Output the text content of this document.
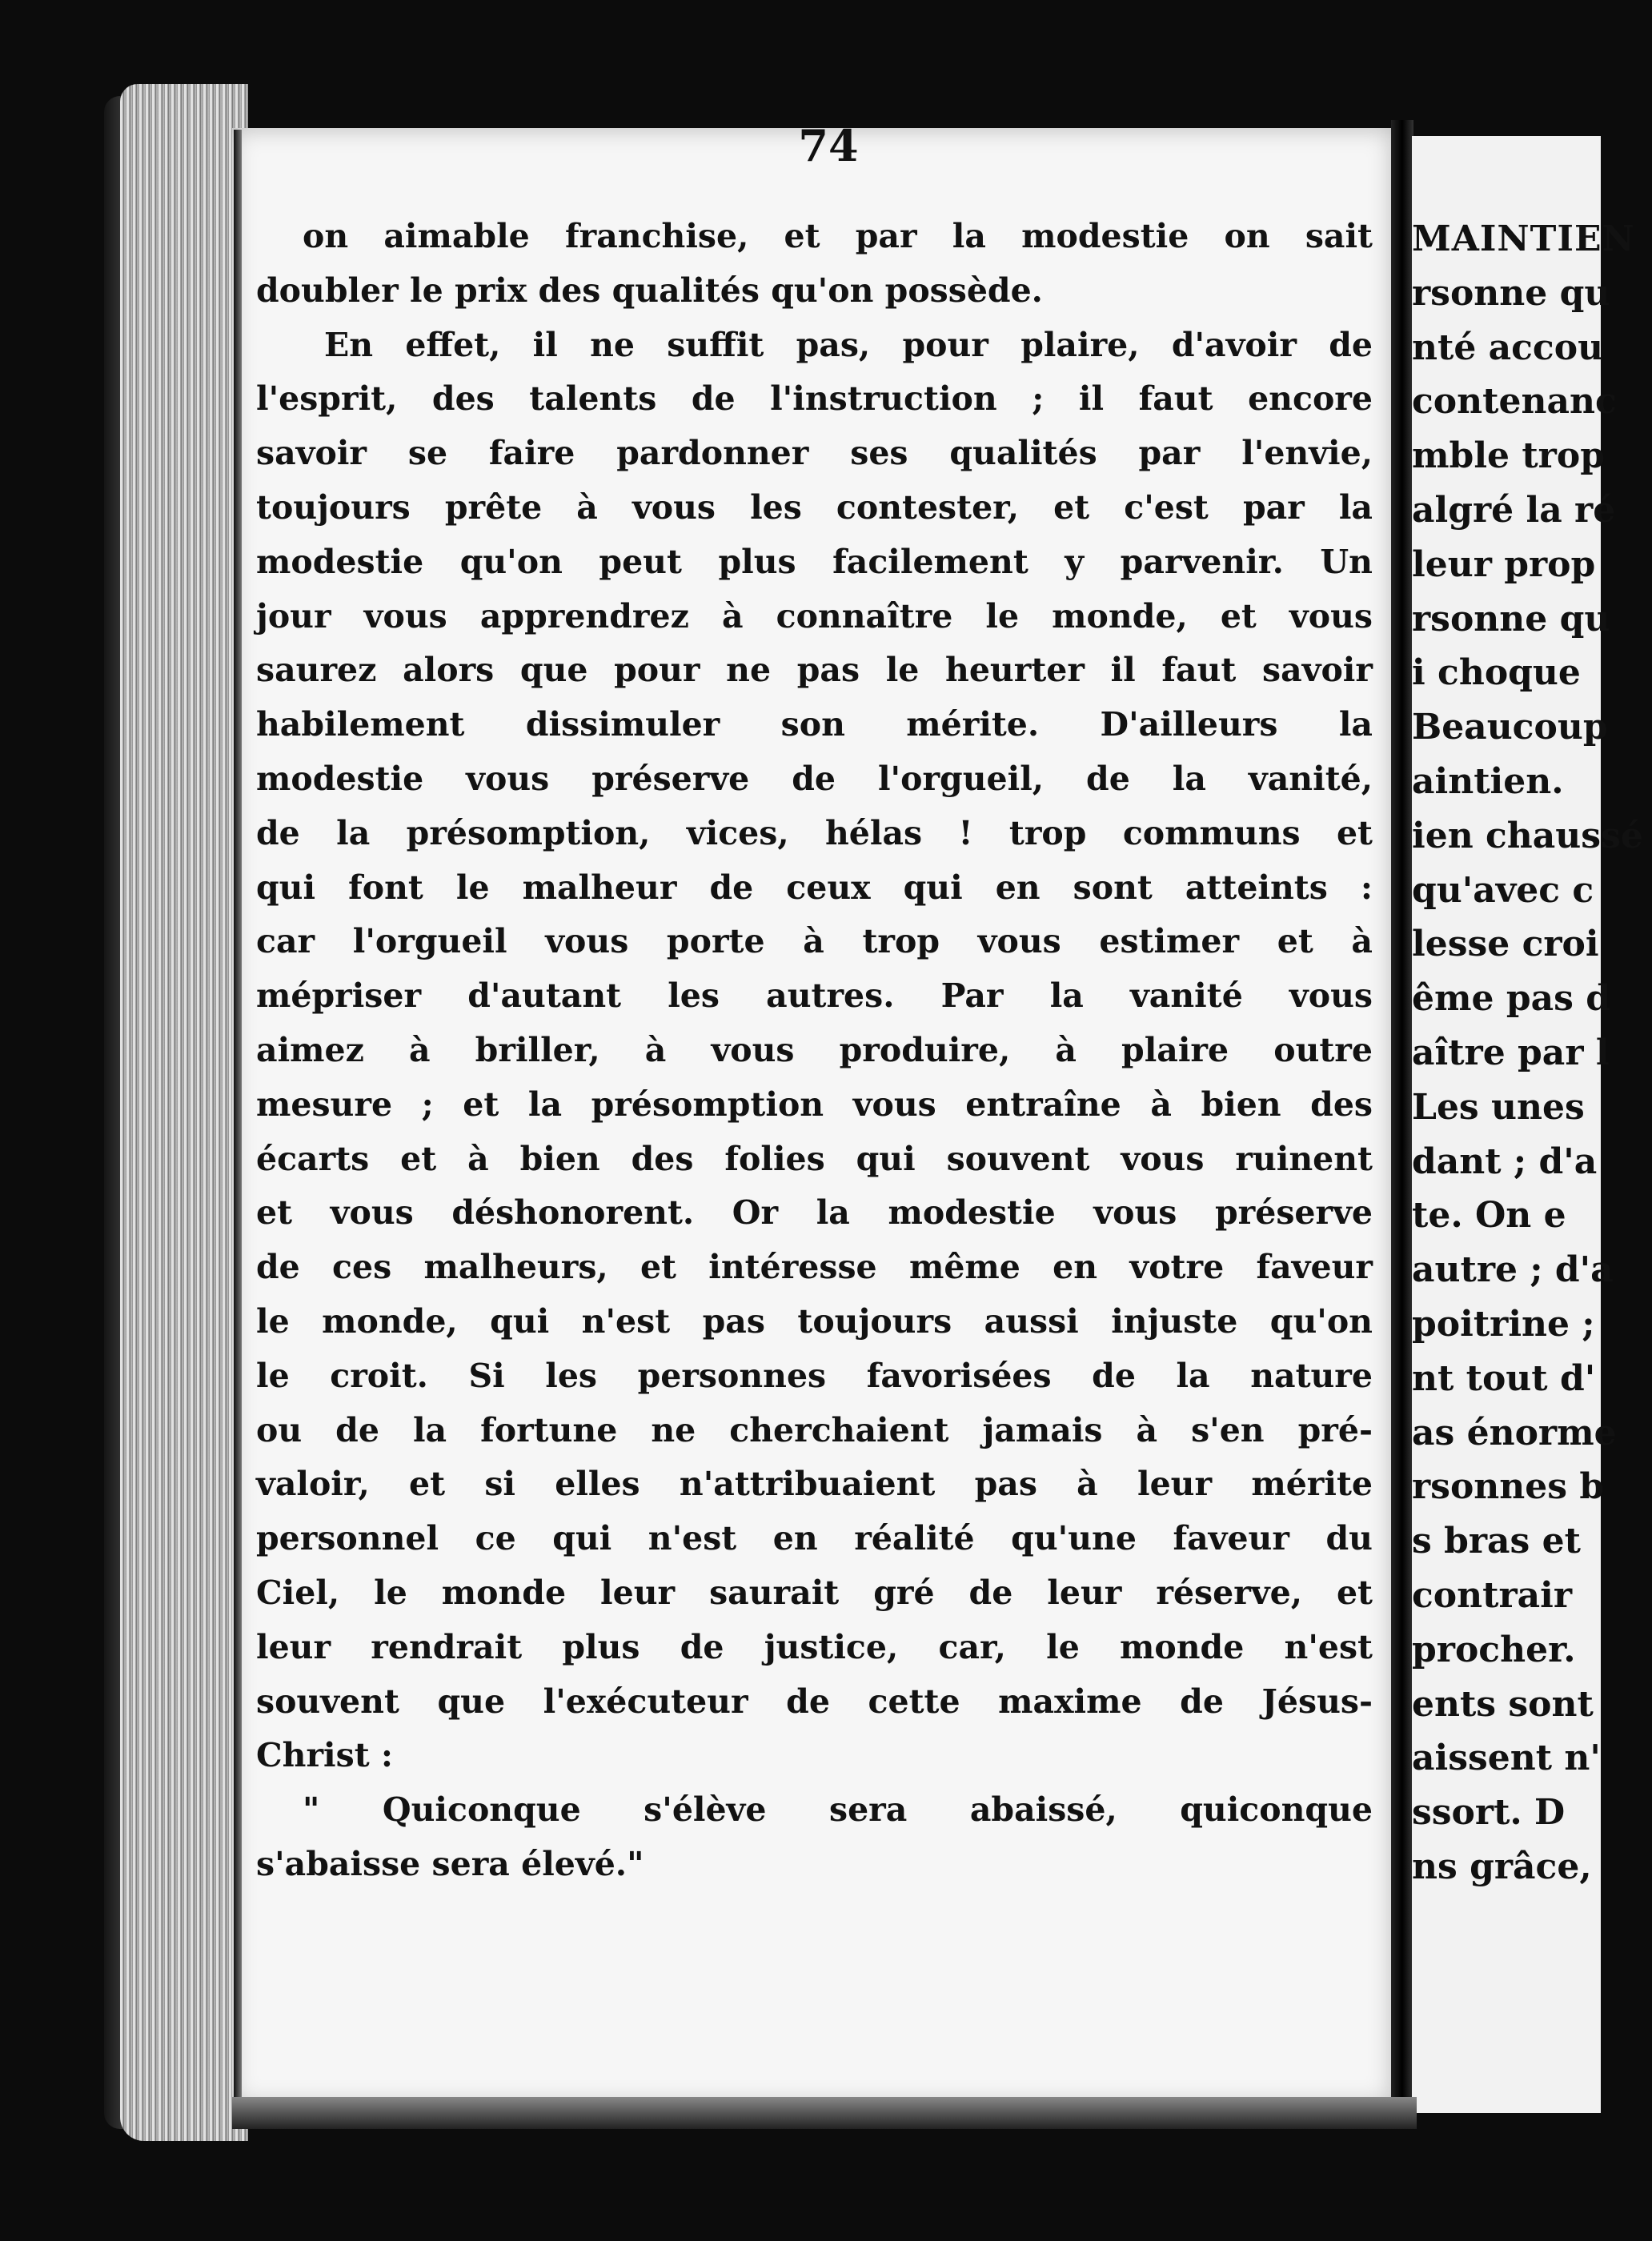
MAINTIEN
rsonne qu
nté accou
contenanc
mble trop
algré la ré
leur prop
rsonne qu
i choque
Beaucoup
aintien.
ien chaussé
qu'avec c
lesse croi
ême pas d
aître par l
Les unes
dant ; d'a
te. On e
autre ; d'a
poitrine ;
nt tout d'
as énorme
rsonnes b
s bras et
contrair
procher.
ents sont
aissent n'
ssort. D
ns grâce,
74
on aimable franchise, et par la modestie on sait
doubler le prix des qualités qu'on possède.
En effet, il ne suffit pas, pour plaire, d'avoir de
l'esprit, des talents de l'instruction ; il faut encore
savoir se faire pardonner ses qualités par l'envie,
toujours prête à vous les contester, et c'est par la
modestie qu'on peut plus facilement y parvenir. Un
jour vous apprendrez à connaître le monde, et vous
saurez alors que pour ne pas le heurter il faut savoir
habilement dissimuler son mérite. D'ailleurs la
modestie vous préserve de l'orgueil, de la vanité,
de la présomption, vices, hélas ! trop communs et
qui font le malheur de ceux qui en sont atteints :
car l'orgueil vous porte à trop vous estimer et à
mépriser d'autant les autres. Par la vanité vous
aimez à briller, à vous produire, à plaire outre
mesure ; et la présomption vous entraîne à bien des
écarts et à bien des folies qui souvent vous ruinent
et vous déshonorent. Or la modestie vous préserve
de ces malheurs, et intéresse même en votre faveur
le monde, qui n'est pas toujours aussi injuste qu'on
le croit. Si les personnes favorisées de la nature
ou de la fortune ne cherchaient jamais à s'en pré-
valoir, et si elles n'attribuaient pas à leur mérite
personnel ce qui n'est en réalité qu'une faveur du
Ciel, le monde leur saurait gré de leur réserve, et
leur rendrait plus de justice, car, le monde n'est
souvent que l'exécuteur de cette maxime de Jésus-
Christ :
" Quiconque s'élève sera abaissé, quiconque
s'abaisse sera élevé."
